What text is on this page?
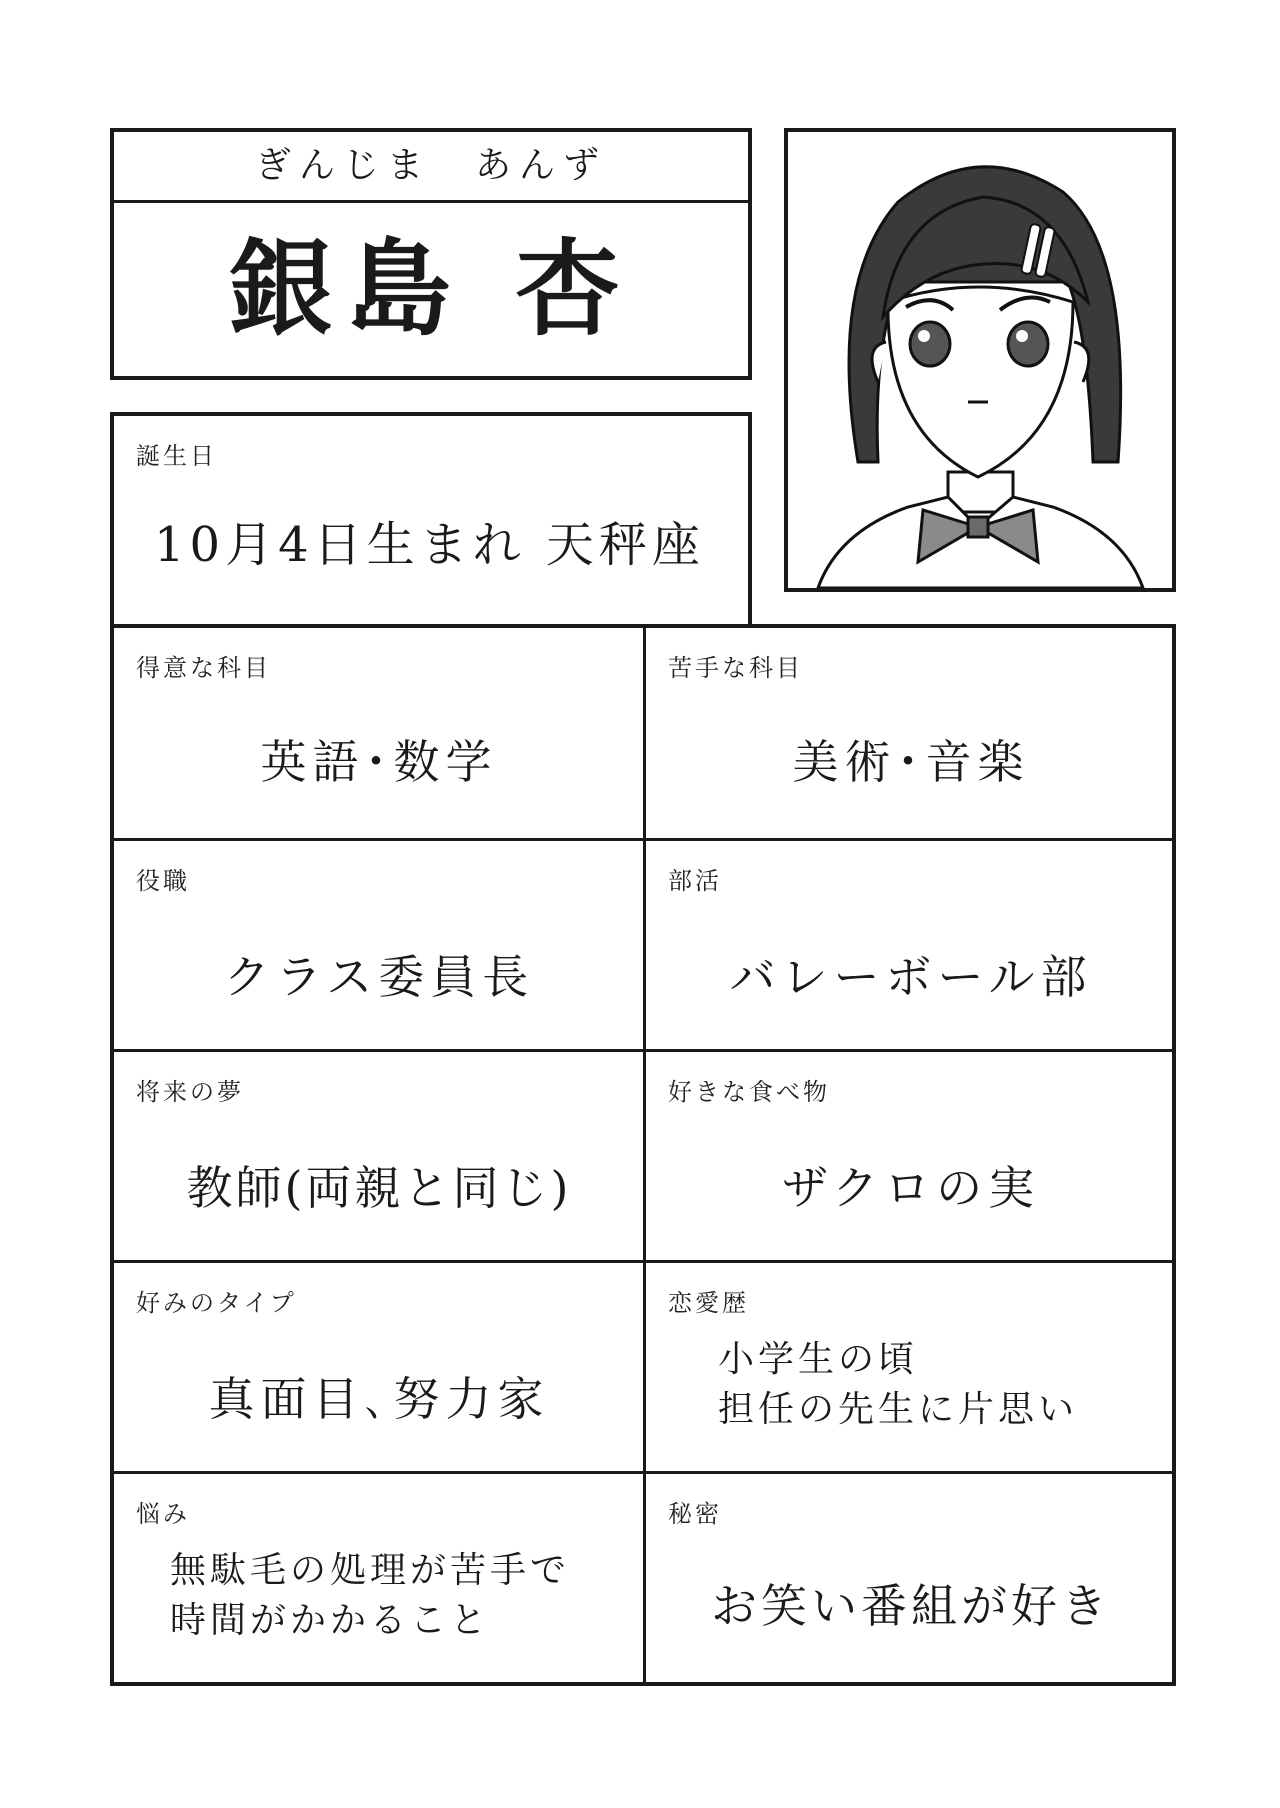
ぎんじま　あんず
銀島 杏
誕生日
10月4日生まれ 天秤座
得意な科目
英語･数学
苦手な科目
美術･音楽
役職
クラス委員長
部活
バレーボール部
将来の夢
教師(両親と同じ)
好きな食べ物
ザクロの実
好みのタイプ
真面目､努力家
恋愛歴
小学生の頃
担任の先生に片思い
悩み
無駄毛の処理が苦手で
時間がかかること
秘密
お笑い番組が好き
